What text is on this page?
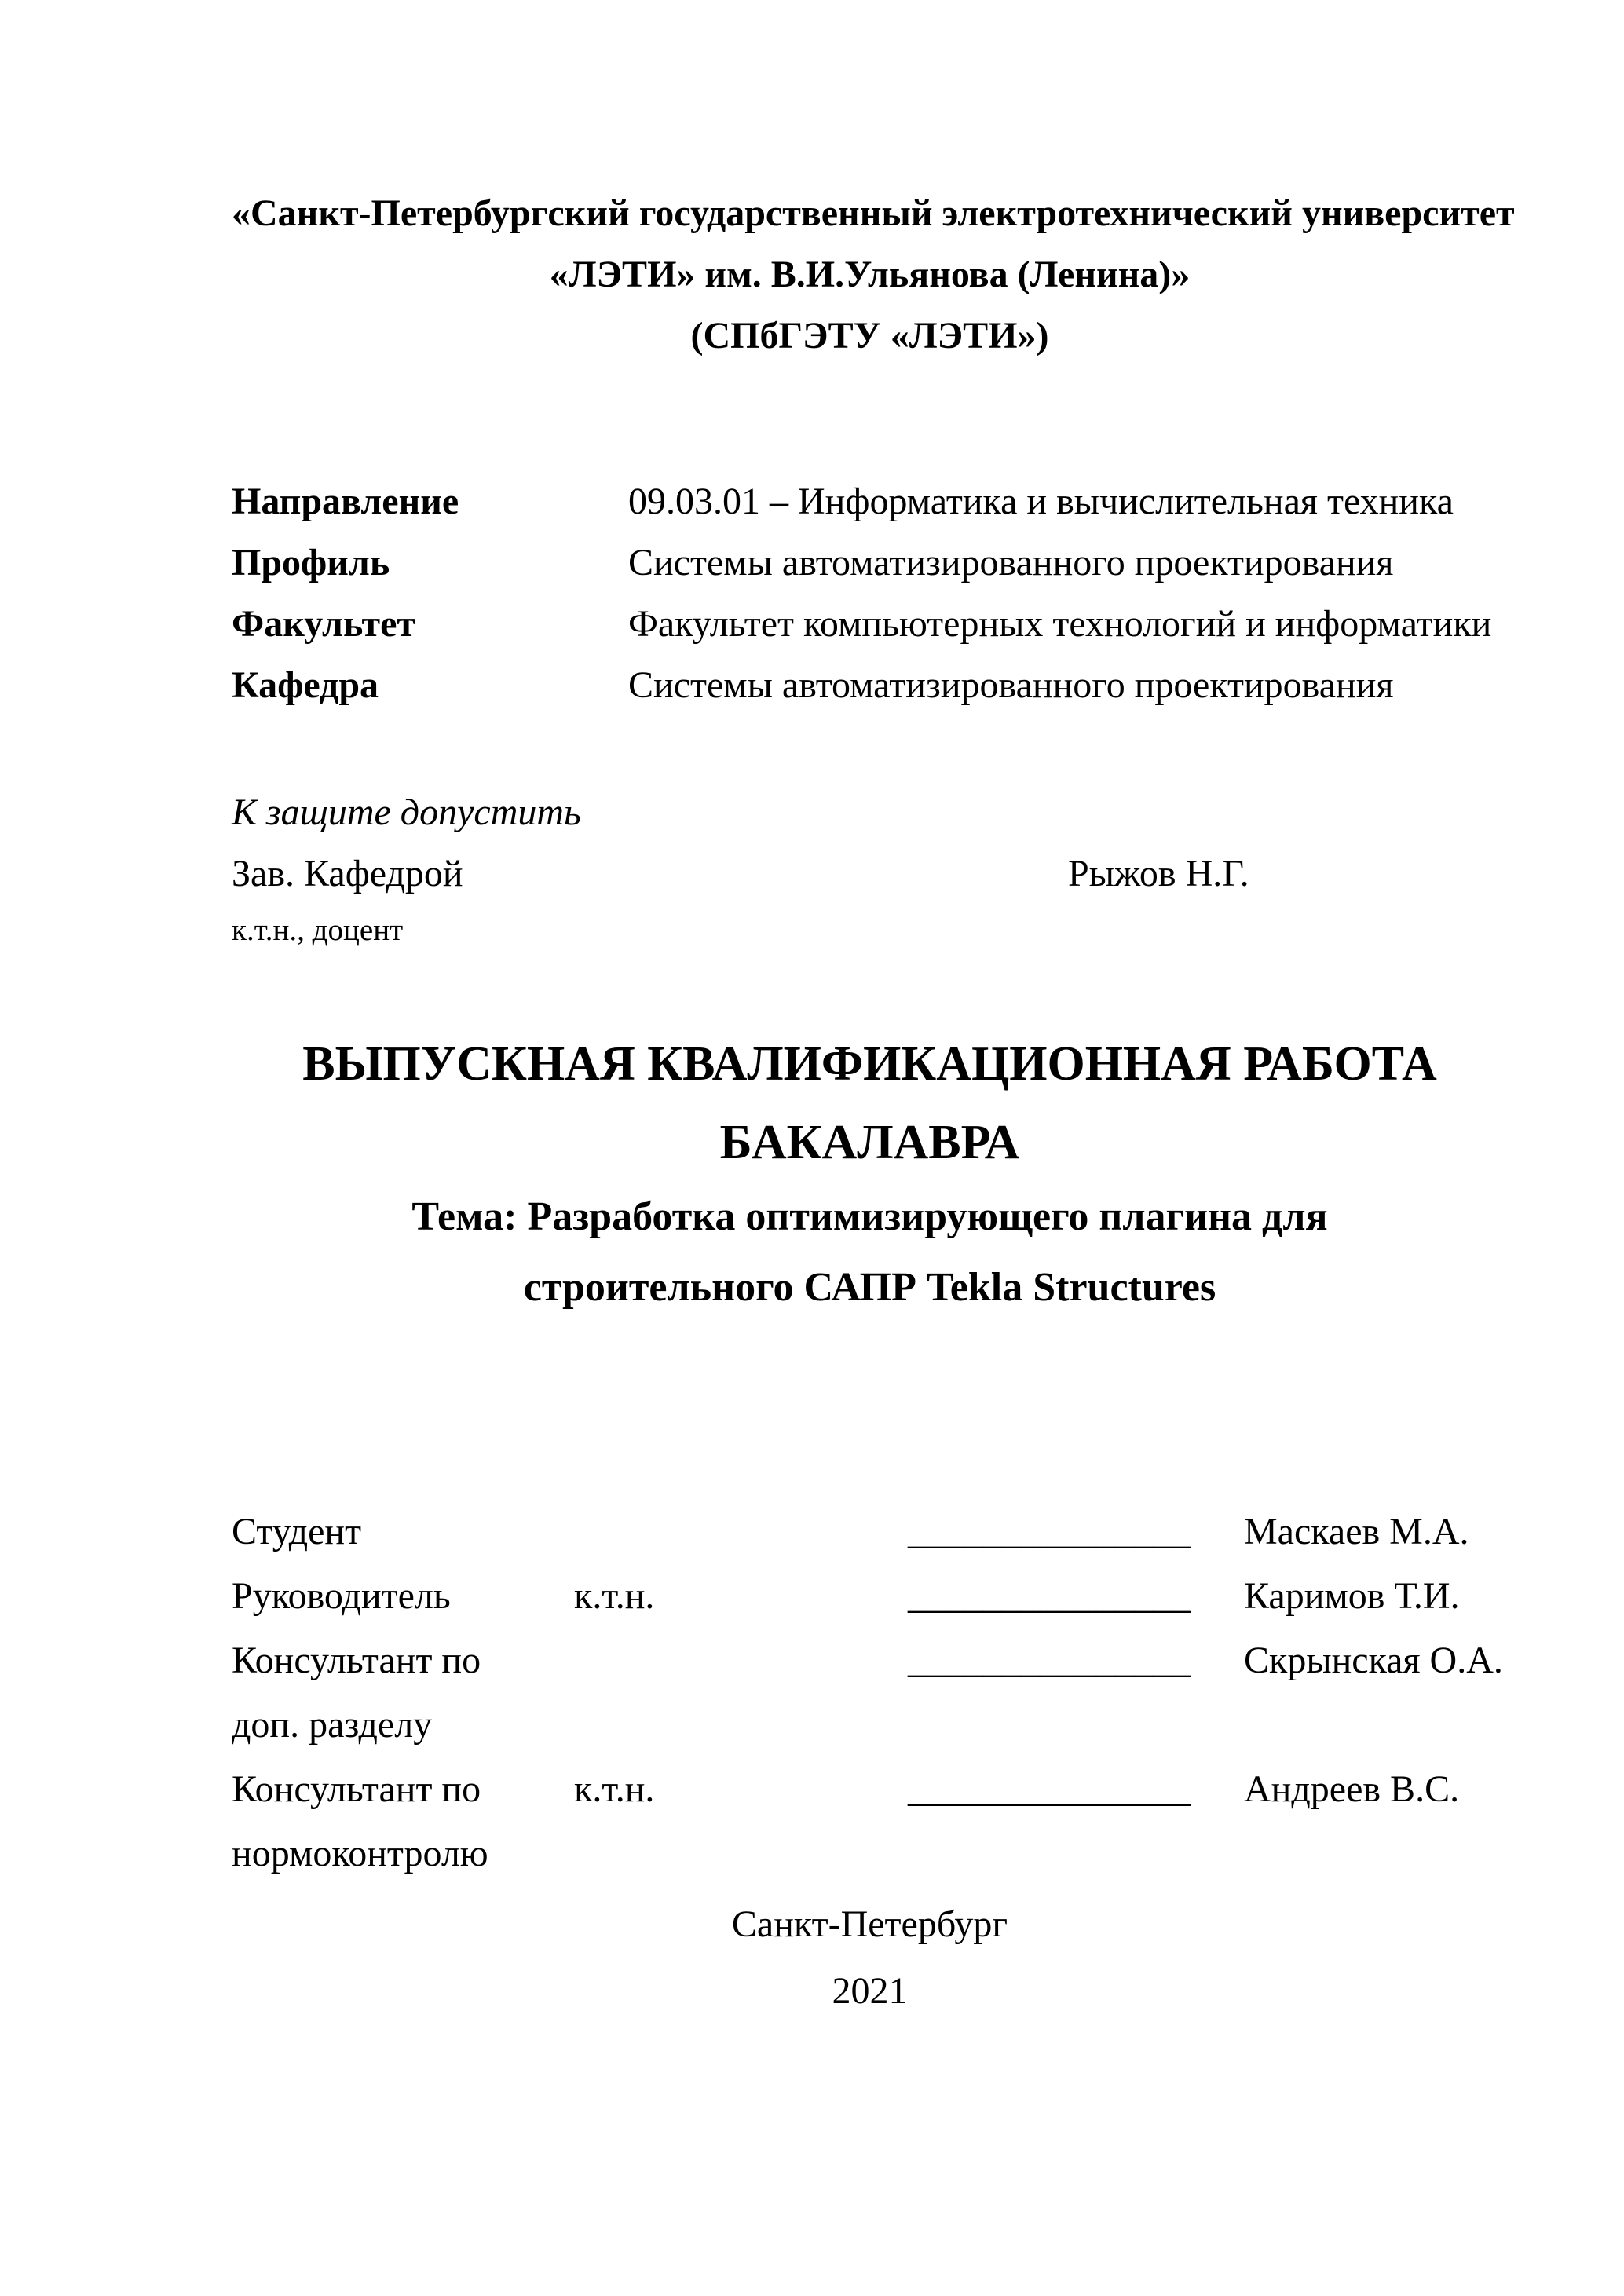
«Санкт-Петербургский государственный электротехнический университет
«ЛЭТИ» им. В.И.Ульянова (Ленина)»
(СПбГЭТУ «ЛЭТИ»)
Направление	09.03.01 – Информатика и вычислительная техника
Профиль	Системы автоматизированного проектирования
Факультет	Факультет компьютерных технологий и информатики
Кафедра	Системы автоматизированного проектирования
К защите допустить
Зав. Кафедрой	Рыжов Н.Г.
к.т.н., доцент
ВЫПУСКНАЯ КВАЛИФИКАЦИОННАЯ РАБОТА
БАКАЛАВРА
Тема: Разработка оптимизирующего плагина для
строительного САПР Tekla Structures
Студент	_______________ Маскаев М.А.
Руководитель	к.т.н.	_______________ Каримов Т.И.
Консультант по	_______________ Скрынская О.А.
доп. разделу
Консультант по	к.т.н.	_______________ Андреев В.С.
нормоконтролю
Санкт-Петербург
2021
